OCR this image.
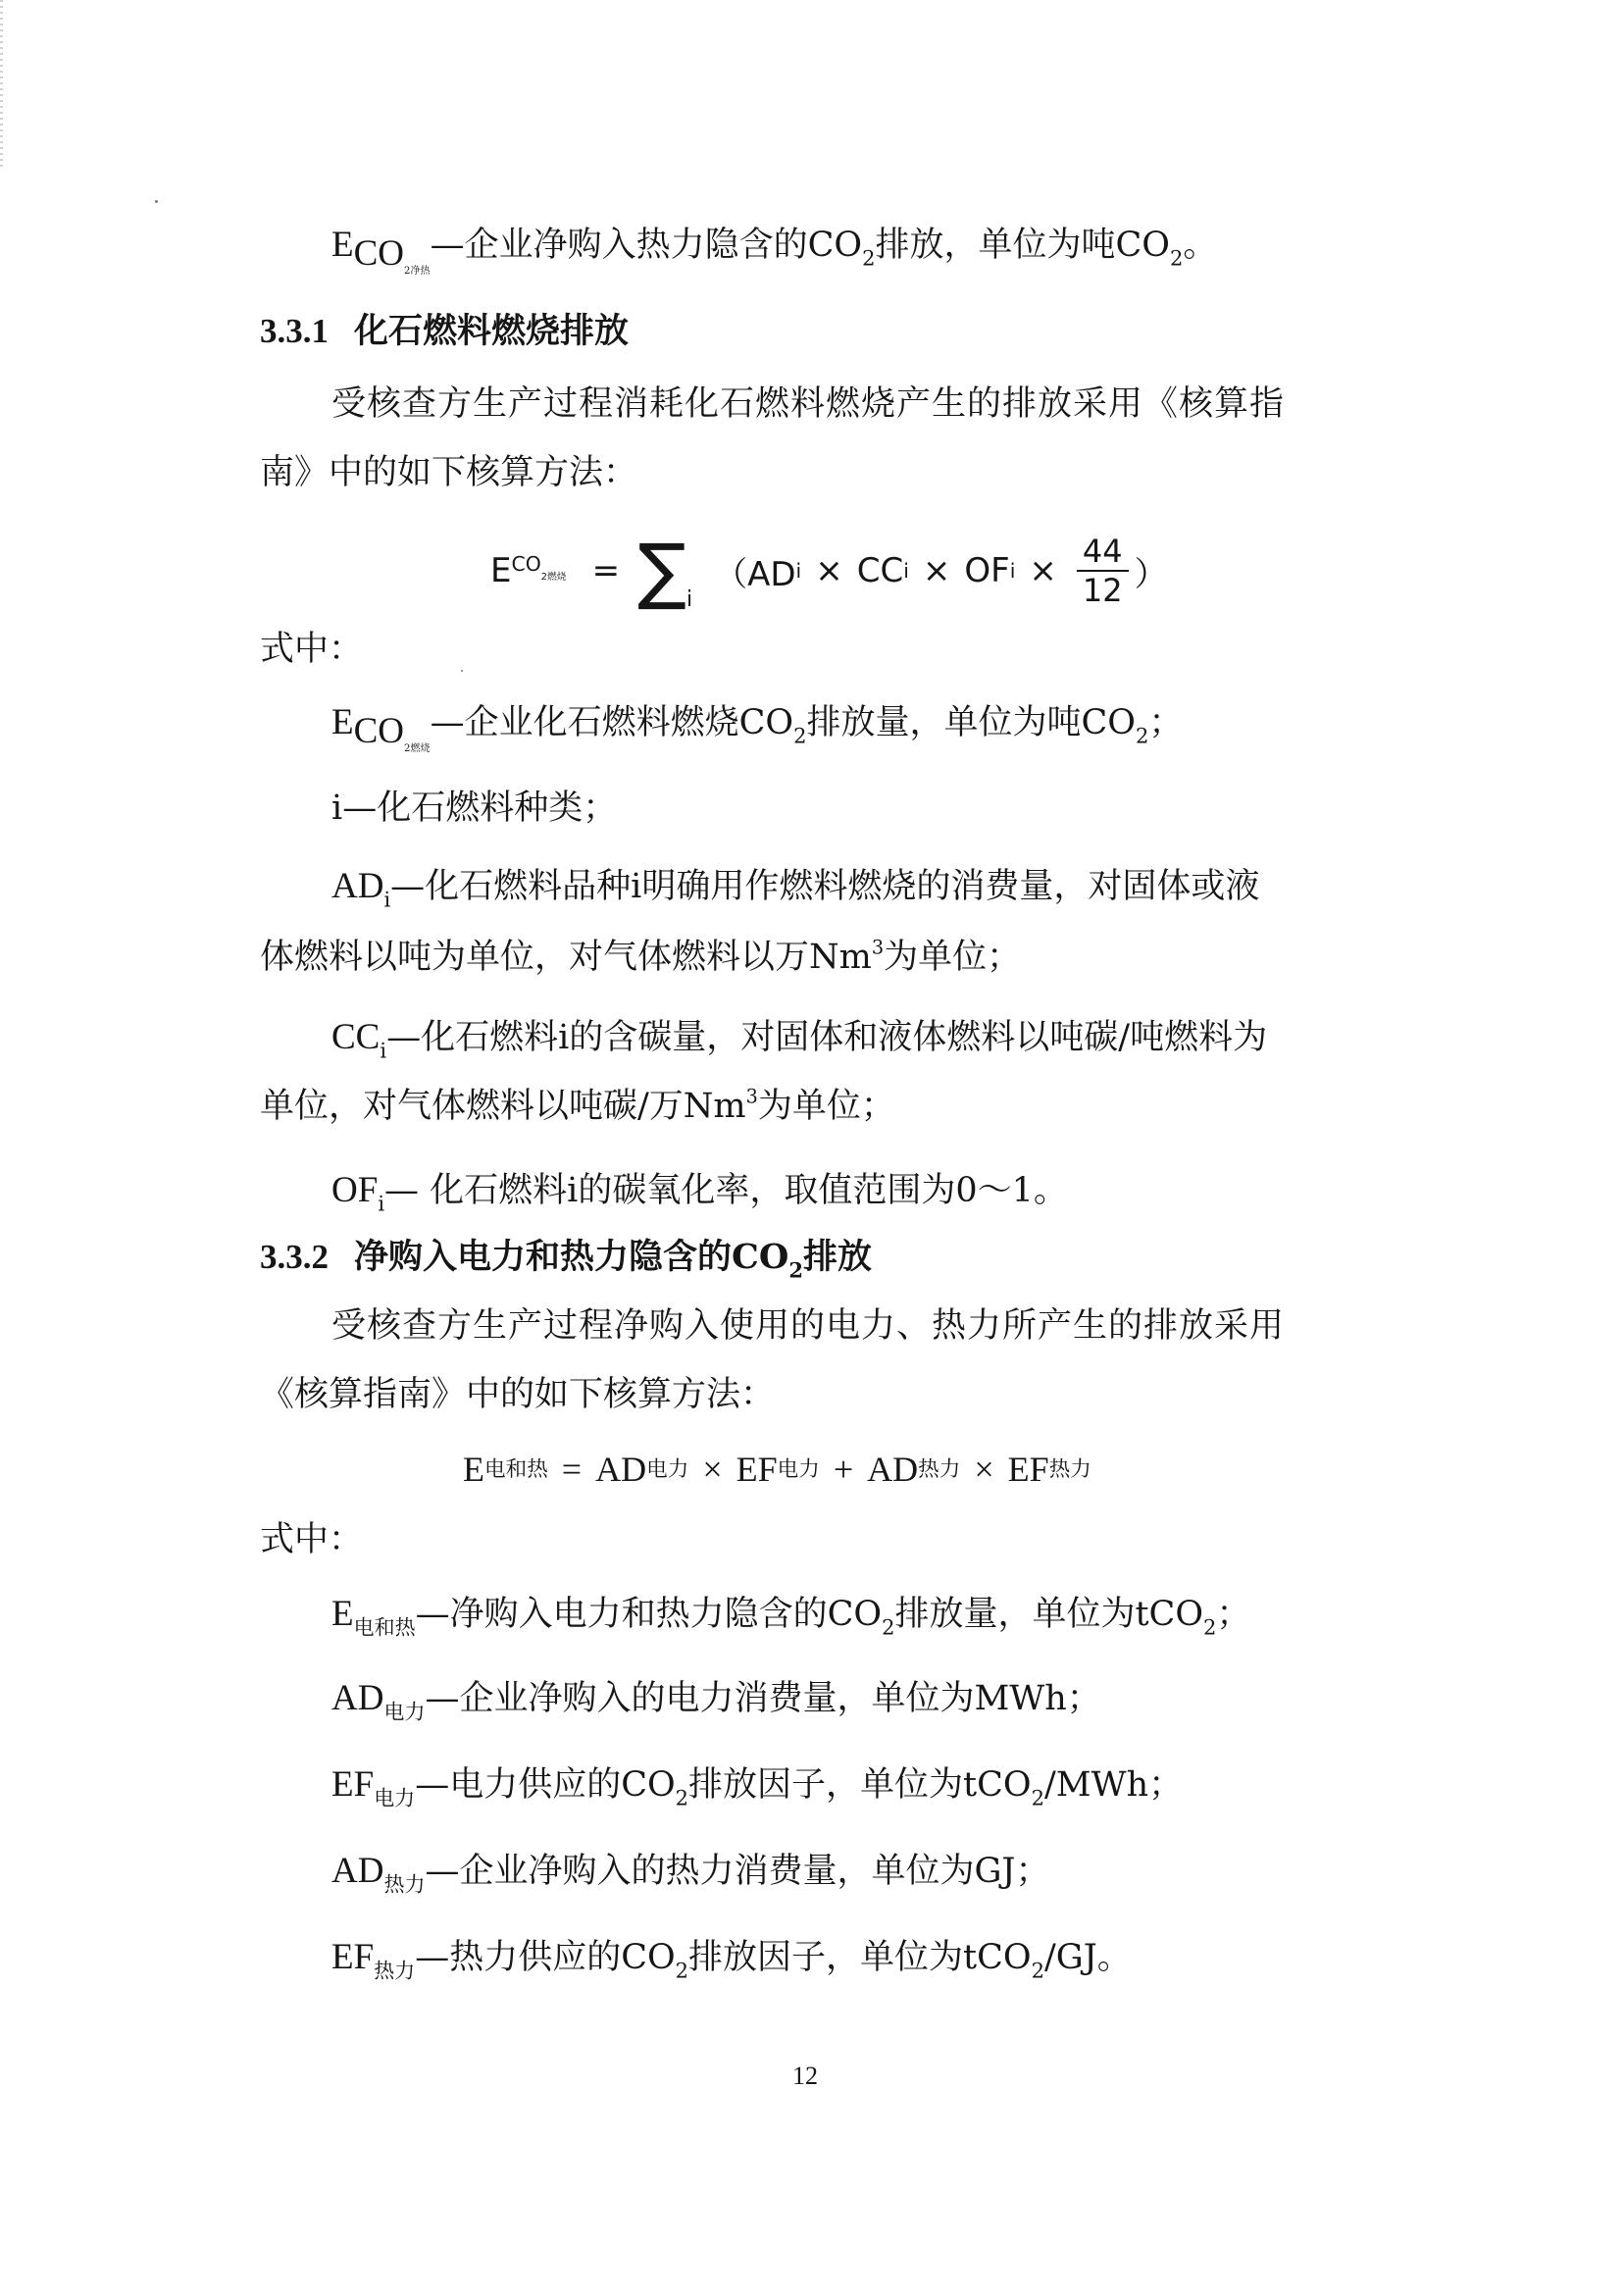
$E_{CO_{2净热}}—$企业净购入热力隐含的$CO_2$排放，单位为吨$CO_2$。
3.3.1 化石燃料燃烧排放
受核查方生产过程消耗化石燃料燃烧产生的排放采用《核算指
南》中的如下核算方法：
E $CO_{2燃烧}$ = ∑ i
（AD i × CC i × OF $i \times \frac{44}{12}$ ）
式中：
$E_{CO_{2燃烧}}—$企业化石燃料燃烧$CO_2$排放量，单位为吨$CO_2$；
i—化石燃料种类；
$AD_i—$化石燃料品种i明确用作燃料燃烧的消费量，对固体或液
体燃料以吨为单位，对气体燃料以万Nm$^3$为单位；
$CC_i—$化石燃料i的含碳量，对固体和液体燃料以吨碳/吨燃料为
单位，对气体燃料以吨碳/万Nm$^3$为单位；
$OF_i—$ 化石燃料i的碳氧化率，取值范围为0～1。
3.3.2 净购入电力和热力隐含的$CO_2$排放
受核查方生产过程净购入使用的电力、热力所产生的排放采用
《核算指南》中的如下核算方法：
E 电和热 = AD 电力 × EF 电力 + AD 热力 × EF 热力
式中：
$E_{电和热}—$净购入电力和热力隐含的$CO_2$排放量，单位为tCO$_2$；
$AD_{电力}—$企业净购入的电力消费量，单位为MWh；
$EF_{电力}—$电力供应的$CO_2$排放因子，单位为tCO$_2$/MWh；
$AD_{热力}—$企业净购入的热力消费量，单位为GJ；
$EF_{热力}—$热力供应的$CO_2$排放因子，单位为tCO$_2$/GJ。
12
